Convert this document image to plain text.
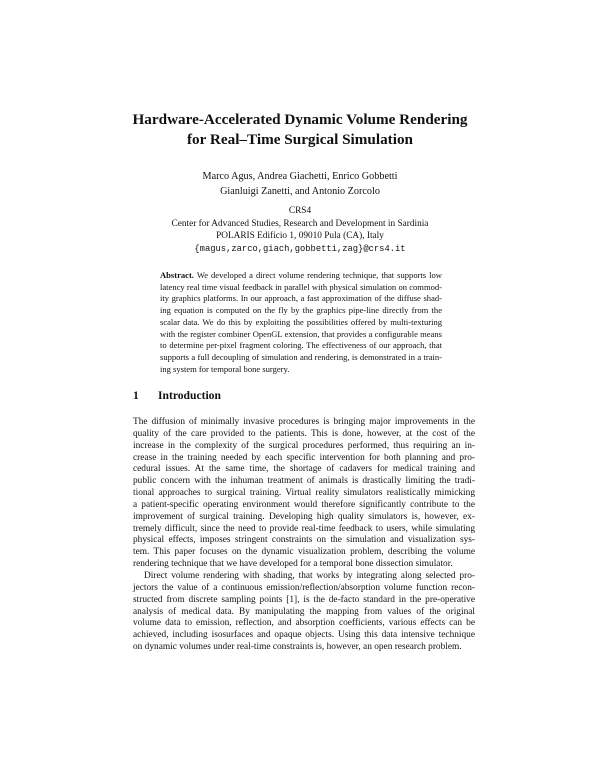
Hardware-Accelerated Dynamic Volume Rendering
for Real–Time Surgical Simulation
Marco Agus, Andrea Giachetti, Enrico Gobbetti
Gianluigi Zanetti, and Antonio Zorcolo
CRS4
Center for Advanced Studies, Research and Development in Sardinia
POLARIS Edificio 1, 09010 Pula (CA), Italy
{magus,zarco,giach,gobbetti,zag}@crs4.it
Abstract. We developed a direct volume rendering technique, that supports low
latency real time visual feedback in parallel with physical simulation on commod-
ity graphics platforms. In our approach, a fast approximation of the diffuse shad-
ing equation is computed on the fly by the graphics pipe-line directly from the
scalar data. We do this by exploiting the possibilities offered by multi-texturing
with the register combiner OpenGL extension, that provides a configurable means
to determine per-pixel fragment coloring. The effectiveness of our approach, that
supports a full decoupling of simulation and rendering, is demonstrated in a train-
ing system for temporal bone surgery.
1 Introduction
The diffusion of minimally invasive procedures is bringing major improvements in the
quality of the care provided to the patients. This is done, however, at the cost of the
increase in the complexity of the surgical procedures performed, thus requiring an in-
crease in the training needed by each specific intervention for both planning and pro-
cedural issues. At the same time, the shortage of cadavers for medical training and
public concern with the inhuman treatment of animals is drastically limiting the tradi-
tional approaches to surgical training. Virtual reality simulators realistically mimicking
a patient-specific operating environment would therefore significantly contribute to the
improvement of surgical training. Developing high quality simulators is, however, ex-
tremely difficult, since the need to provide real-time feedback to users, while simulating
physical effects, imposes stringent constraints on the simulation and visualization sys-
tem. This paper focuses on the dynamic visualization problem, describing the volume
rendering technique that we have developed for a temporal bone dissection simulator.
Direct volume rendering with shading, that works by integrating along selected pro-
jectors the value of a continuous emission/reflection/absorption volume function recon-
structed from discrete sampling points [1], is the de-facto standard in the pre-operative
analysis of medical data. By manipulating the mapping from values of the original
volume data to emission, reflection, and absorption coefficients, various effects can be
achieved, including isosurfaces and opaque objects. Using this data intensive technique
on dynamic volumes under real-time constraints is, however, an open research problem.
